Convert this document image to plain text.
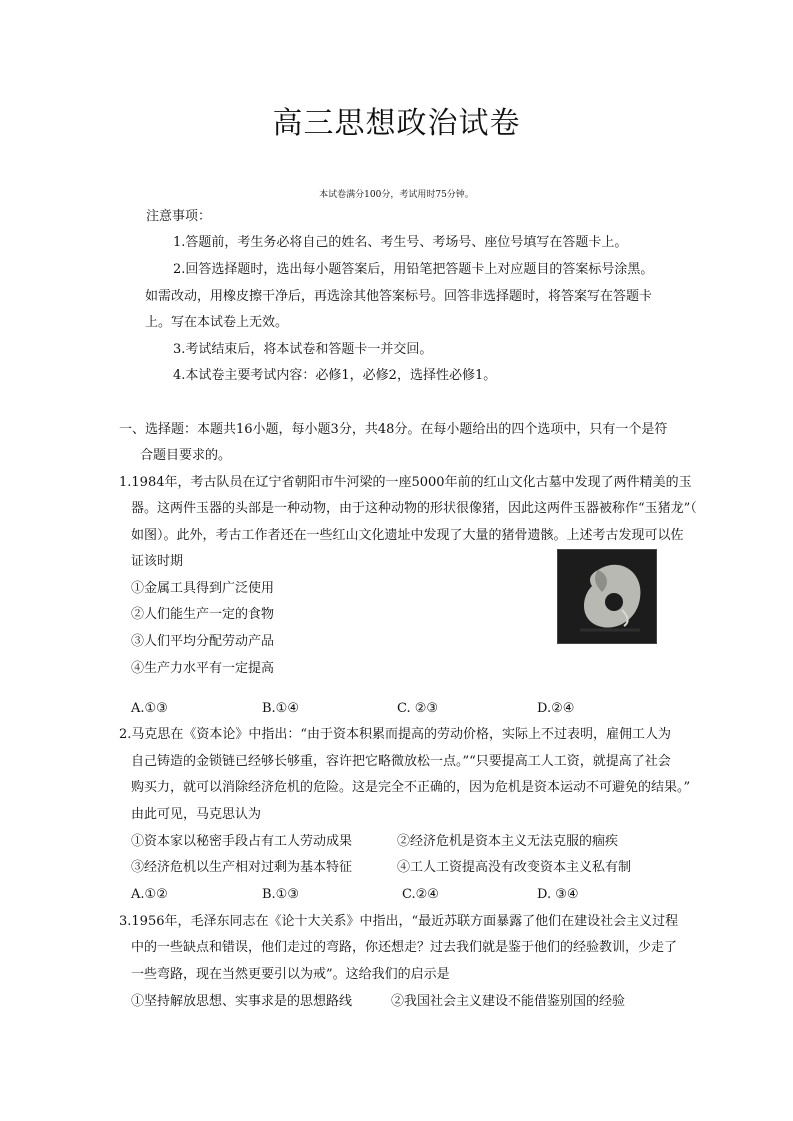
高三思想政治试卷
本试卷满分100分，考试用时75分钟。
注意事项：
1.答题前，考生务必将自己的姓名、考生号、考场号、座位号填写在答题卡上。
2.回答选择题时，选出每小题答案后，用铅笔把答题卡上对应题目的答案标号涂黑。
如需改动，用橡皮擦干净后，再选涂其他答案标号。回答非选择题时，将答案写在答题卡
上。写在本试卷上无效。
3.考试结束后，将本试卷和答题卡一并交回。
4.本试卷主要考试内容：必修1，必修2，选择性必修1。
一、选择题：本题共16小题，每小题3分，共48分。在每小题给出的四个选项中，只有一个是符
合题目要求的。
1.1984年，考古队员在辽宁省朝阳市牛河梁的一座5000年前的红山文化古墓中发现了两件精美的玉
器。这两件玉器的头部是一种动物，由于这种动物的形状很像猪，因此这两件玉器被称作“玉猪龙”（
如图）。此外，考古工作者还在一些红山文化遗址中发现了大量的猪骨遗骸。上述考古发现可以佐
证该时期
①金属工具得到广泛使用
②人们能生产一定的食物
③人们平均分配劳动产品
④生产力水平有一定提高
A.①③	B.①④	C. ②③	D.②④
2.马克思在《资本论》中指出：“由于资本积累而提高的劳动价格，实际上不过表明，雇佣工人为
自己铸造的金锁链已经够长够重，容许把它略微放松一点。”“只要提高工人工资，就提高了社会
购买力，就可以消除经济危机的危险。这是完全不正确的，因为危机是资本运动不可避免的结果。”
由此可见，马克思认为
①资本家以秘密手段占有工人劳动成果	②经济危机是资本主义无法克服的痼疾
③经济危机以生产相对过剩为基本特征	④工人工资提高没有改变资本主义私有制
A.①②	B.①③	C.②④	D. ③④
3.1956年，毛泽东同志在《论十大关系》中指出，“最近苏联方面暴露了他们在建设社会主义过程
中的一些缺点和错误，他们走过的弯路，你还想走？过去我们就是鉴于他们的经验教训，少走了
一些弯路，现在当然更要引以为戒”。这给我们的启示是
①坚持解放思想、实事求是的思想路线	②我国社会主义建设不能借鉴别国的经验
